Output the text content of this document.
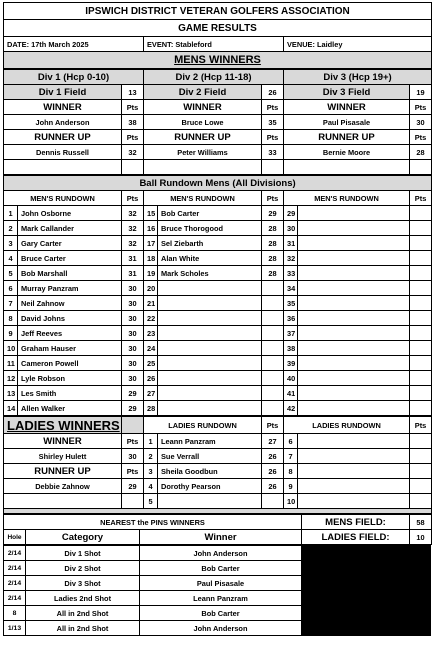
IPSWICH DISTRICT VETERAN GOLFERS ASSOCIATION
GAME RESULTS
DATE: 17th March 2025	EVENT: Stableford	VENUE: Laidley
MENS WINNERS
Div 1 (Hcp 0-10)		Div 2 (Hcp 11-18)		Div 3 (Hcp 19+)	
Div 1 Field	13	Div 2 Field	26	Div 3 Field	19
WINNER	Pts	WINNER	Pts	WINNER	Pts
John Anderson	38	Bruce Lowe	35	Paul Pisasale	30
RUNNER UP	Pts	RUNNER UP	Pts	RUNNER UP	Pts
Dennis Russell	32	Peter Williams	33	Bernie Moore	28

Ball Rundown Mens (All Divisions)								
MEN'S RUNDOWN		Pts	MEN'S RUNDOWN		Pts	MEN'S RUNDOWN		Pts
1	John Osborne	32	15	Bob Carter	29	29		
2	Mark Callander	32	16	Bruce Thorogood	28	30		
3	Gary Carter	32	17	Sel Ziebarth	28	31		
4	Bruce Carter	31	18	Alan White	28	32		
5	Bob Marshall	31	19	Mark Scholes	28	33		
6	Murray Panzram	30	20			34		
7	Neil Zahnow	30	21			35		
8	David Johns	30	22			36		
9	Jeff Reeves	30	23			37		
10	Graham Hauser	30	24			38		
11	Cameron Powell	30	25			39		
12	Lyle Robson	30	26			40		
13	Les Smith	29	27			41		
14	Allen Walker	29	28			42		
LADIES WINNERS		LADIES RUNDOWN		Pts	LADIES RUNDOWN		Pts
WINNER	Pts	1	Leann Panzram	27	6		
Shirley Hulett	30	2	Sue Verrall	26	7		
RUNNER UP	Pts	3	Sheila Goodbun	26	8		
Debbie Zahnow	29	4	Dorothy Pearson	26	9		
		5			10		

NEAREST the PINS WINNERS			MENS FIELD:	58
Hole	Category	Winner	LADIES FIELD:	10
2/14	Div 1 Shot	John Anderson
2/14	Div 2 Shot	Bob Carter
2/14	Div 3 Shot	Paul Pisasale
2/14	Ladies 2nd Shot	Leann Panzram
8	All in 2nd Shot	Bob Carter
1/13	All in 2nd Shot	John Anderson
